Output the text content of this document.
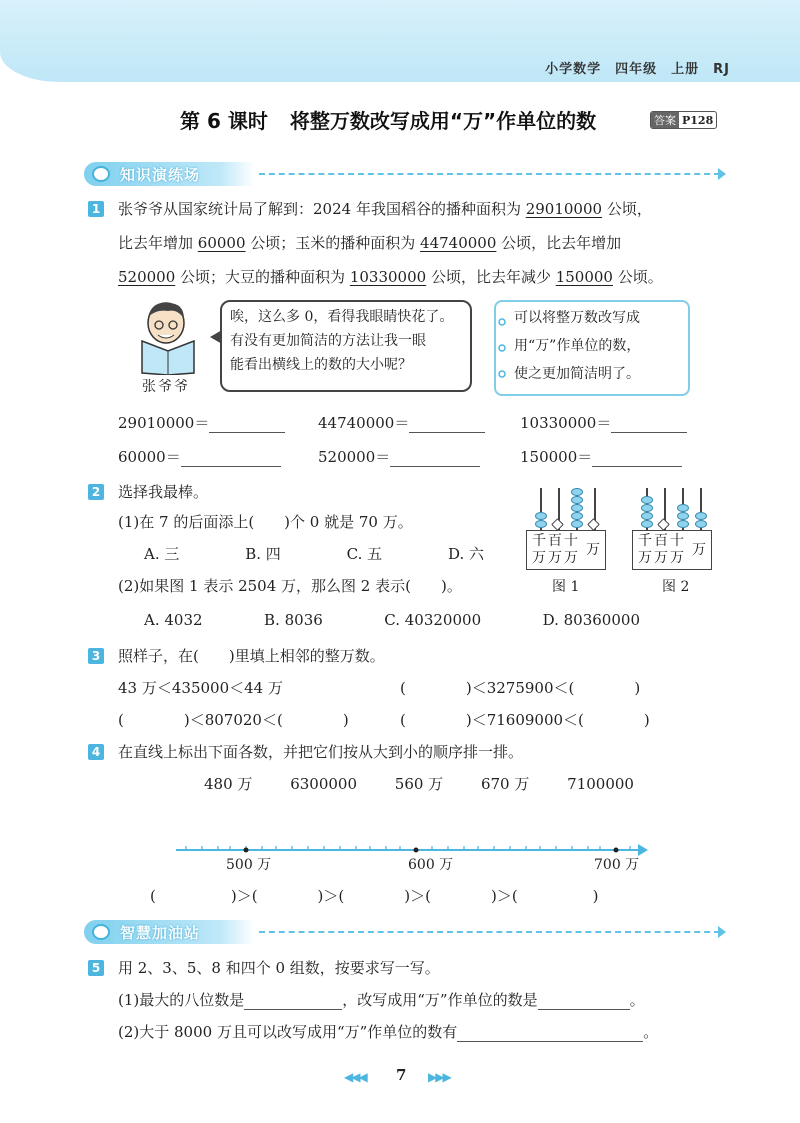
小学数学 四年级 上册 RJ
第 6 课时 将整万数改写成用“万”作单位的数	答案 P128
知识演练场
1 张爷爷从国家统计局了解到：2024 年我国稻谷的播种面积为 29010000 公顷，
比去年增加 60000 公顷；玉米的播种面积为 44740000 公顷，比去年增加
520000 公顷；大豆的播种面积为 10330000 公顷，比去年减少 150000 公顷。
张爷爷
唉，这么多 0，看得我眼睛快花了。
有没有更加简洁的方法让我一眼
能看出横线上的数的大小呢？
可以将整万数改写成
用“万”作单位的数，
使之更加简洁明了。
29010000＝	44740000＝	10330000＝
60000＝	520000＝	150000＝
2 选择我最棒。
(1)在 7 的后面添上(　　)个 0 就是 70 万。
A. 三	B. 四	C. 五	D. 六
(2)如果图 1 表示 2504 万，那么图 2 表示(　　)。
A. 4032	B. 8036	C. 40320000	D. 80360000
千 百 十
万 万 万 万
图 1
千 百 十
万 万 万 万
图 2
3 照样子，在(　　)里填上相邻的整万数。
43 万＜435000＜44 万	(　　　　)＜3275900＜(　　　　)
(　　　　)＜807020＜(　　　　)	(　　　　)＜71609000＜(　　　　)
4 在直线上标出下面各数，并把它们按从大到小的顺序排一排。
480 万	6300000	560 万	670 万	7100000
500 万	600 万	700 万
(　　　　　)＞(　　　　)＞(　　　　)＞(　　　　)＞(　　　　　)
智慧加油站
5 用 2、3、5、8 和四个 0 组数，按要求写一写。
(1)最大的八位数是	，改写成用“万”作单位的数是	。
(2)大于 8000 万且可以改写成用“万”作单位的数有	。
◀◀◀ 7 ▶▶▶
